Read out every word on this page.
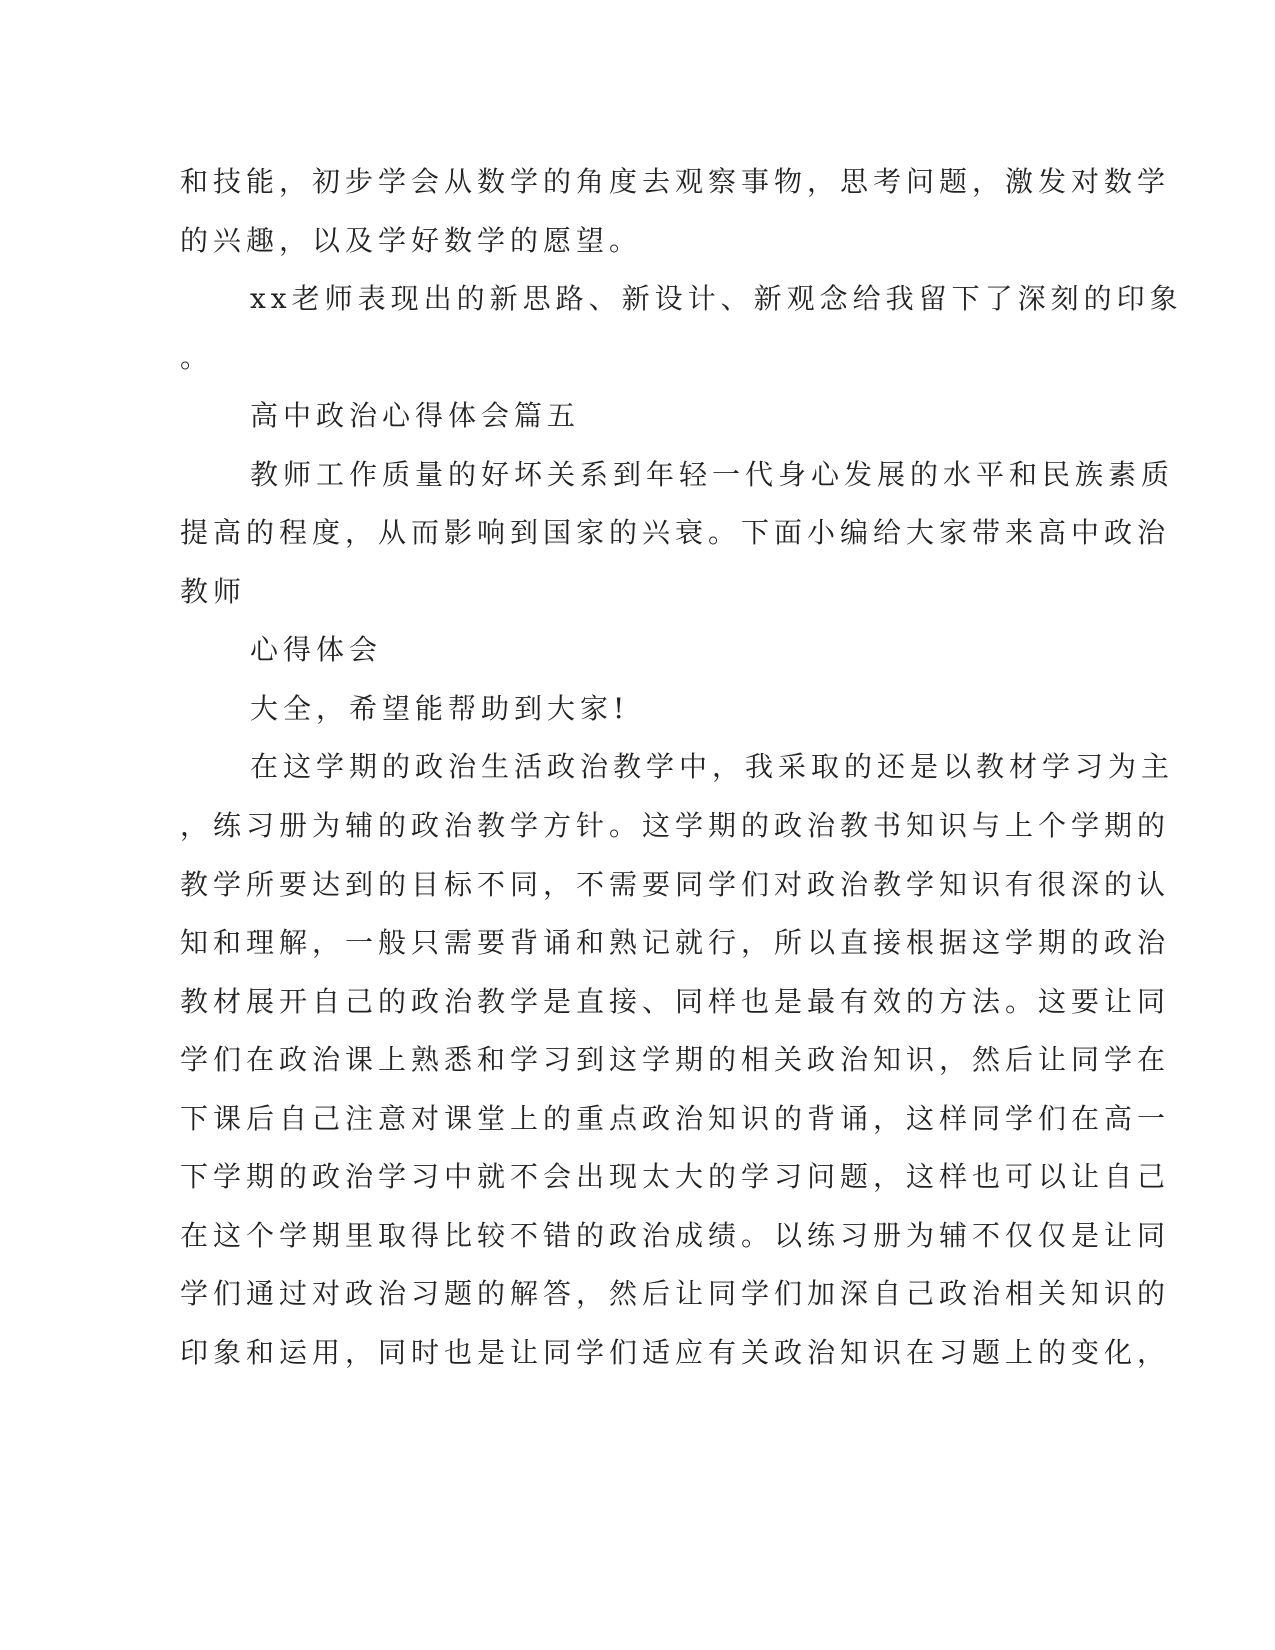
和技能，初步学会从数学的角度去观察事物，思考问题，激发对数学

的兴趣，以及学好数学的愿望。

xx老师表现出的新思路、新设计、新观念给我留下了深刻的印象

。

高中政治心得体会篇五

教师工作质量的好坏关系到年轻一代身心发展的水平和民族素质

提高的程度，从而影响到国家的兴衰。下面小编给大家带来高中政治

教师

心得体会

大全，希望能帮助到大家!

在这学期的政治生活政治教学中，我采取的还是以教材学习为主

，练习册为辅的政治教学方针。这学期的政治教书知识与上个学期的

教学所要达到的目标不同，不需要同学们对政治教学知识有很深的认

知和理解，一般只需要背诵和熟记就行，所以直接根据这学期的政治

教材展开自己的政治教学是直接、同样也是最有效的方法。这要让同

学们在政治课上熟悉和学习到这学期的相关政治知识，然后让同学在

下课后自己注意对课堂上的重点政治知识的背诵，这样同学们在高一

下学期的政治学习中就不会出现太大的学习问题，这样也可以让自己

在这个学期里取得比较不错的政治成绩。以练习册为辅不仅仅是让同

学们通过对政治习题的解答，然后让同学们加深自己政治相关知识的

印象和运用，同时也是让同学们适应有关政治知识在习题上的变化，
